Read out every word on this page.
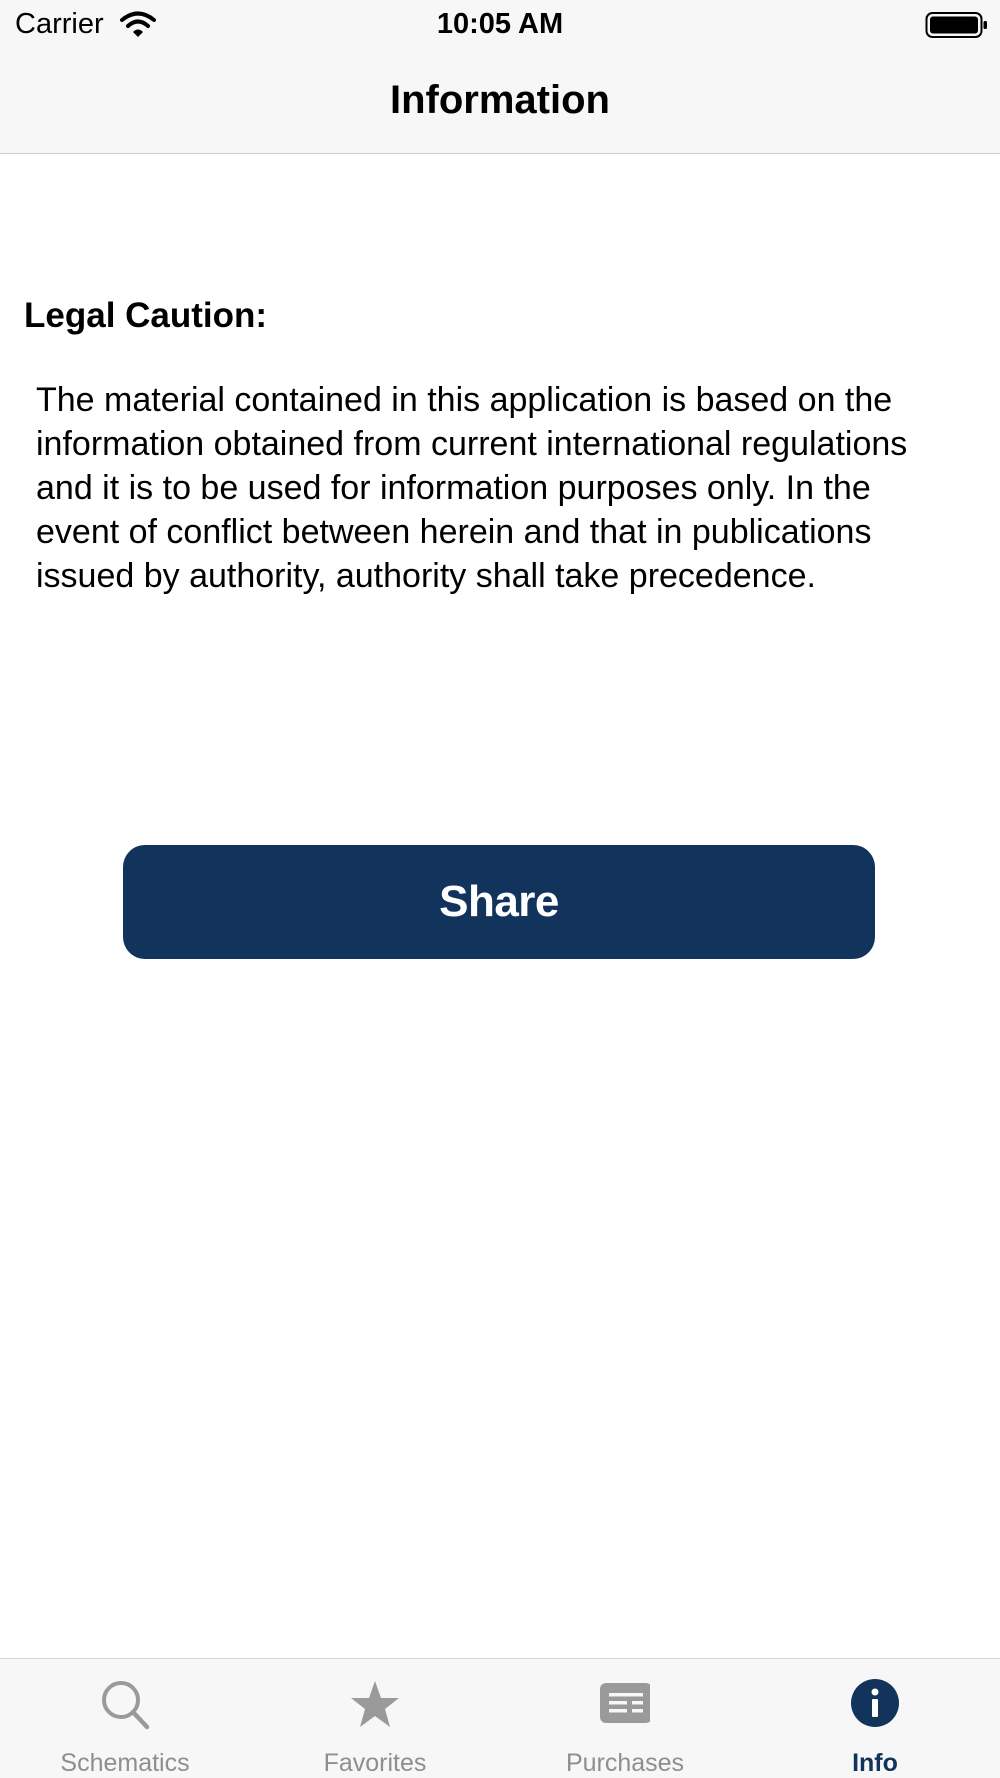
Carrier	10:05 AM
Information
Legal Caution:
The material contained in this application is based on the
information obtained from current international regulations
and it is to be used for information purposes only. In the
event of conflict between herein and that in publications
issued by authority, authority shall take precedence.
Share
Schematics	Favorites	Purchases	Info
